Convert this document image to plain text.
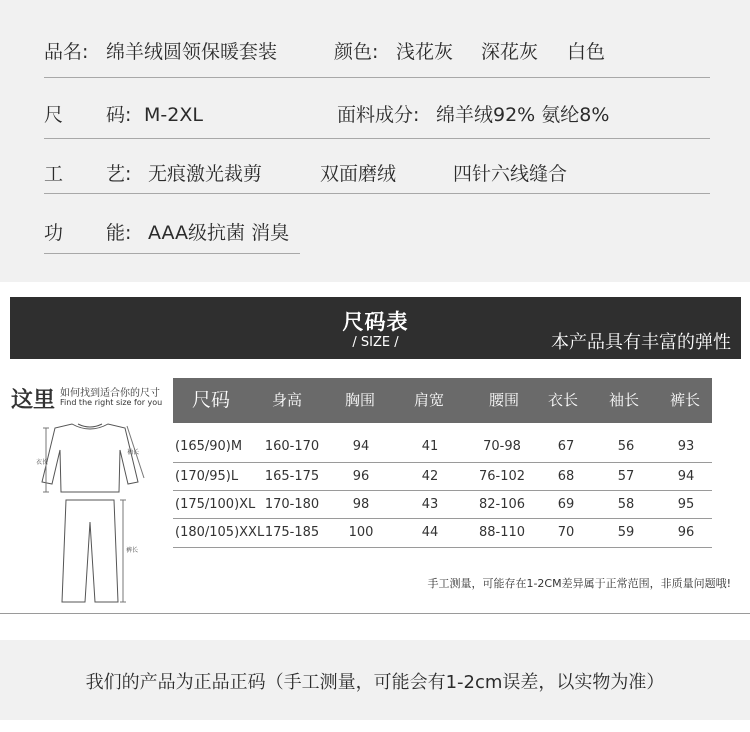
品名: 绵羊绒圆领保暖套装	颜色: 浅花灰 深花灰 白色
尺 码: M-2XL	面料成分: 绵羊绒92% 氨纶8%
工 艺: 无痕激光裁剪	双面磨绒	四针六线缝合
功 能: AAA级抗菌 消臭
尺码表
/ SIZE /	本产品具有丰富的弹性
这里 如何找到适合你的尺寸
Find the right size for you
衣长
袖长
裤长
尺码	身高	胸围	肩宽	腰围 衣长 袖长 裤长
(165/90)M 160-170	94	41	70-98	67	56	93
(170/95)L 165-175	96	42	76-102	68	57	94
(175/100)XL 170-180	98	43	82-106	69	58	95
(180/105)XXL 175-185 100	44	88-110	70	59	96
手工测量，可能存在1-2CM差异属于正常范围，非质量问题哦!
我们的产品为正品正码（手工测量，可能会有1-2cm误差，以实物为准）
